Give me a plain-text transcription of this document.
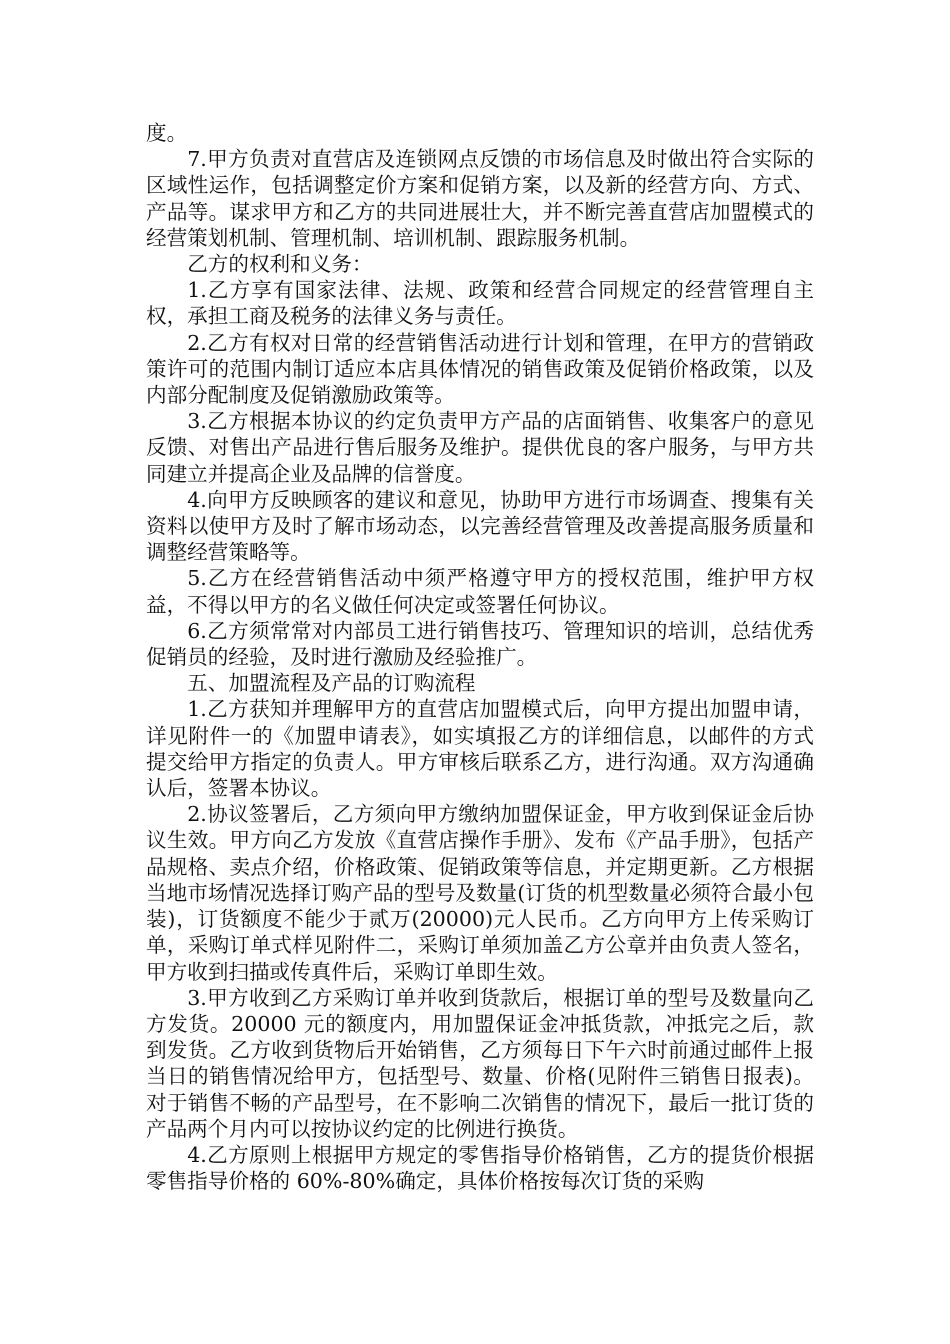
度。

7.甲方负责对直营店及连锁网点反馈的市场信息及时做出符合实际的区域性运作，包括调整定价方案和促销方案，以及新的经营方向、方式、产品等。谋求甲方和乙方的共同进展壮大，并不断完善直营店加盟模式的经营策划机制、管理机制、培训机制、跟踪服务机制。

乙方的权利和义务：

1.乙方享有国家法律、法规、政策和经营合同规定的经营管理自主权，承担工商及税务的法律义务与责任。

2.乙方有权对日常的经营销售活动进行计划和管理，在甲方的营销政策许可的范围内制订适应本店具体情况的销售政策及促销价格政策，以及内部分配制度及促销激励政策等。

3.乙方根据本协议的约定负责甲方产品的店面销售、收集客户的意见反馈、对售出产品进行售后服务及维护。提供优良的客户服务，与甲方共同建立并提高企业及品牌的信誉度。

4.向甲方反映顾客的建议和意见，协助甲方进行市场调查、搜集有关资料以使甲方及时了解市场动态，以完善经营管理及改善提高服务质量和调整经营策略等。

5.乙方在经营销售活动中须严格遵守甲方的授权范围，维护甲方权益，不得以甲方的名义做任何决定或签署任何协议。

6.乙方须常常对内部员工进行销售技巧、管理知识的培训，总结优秀促销员的经验，及时进行激励及经验推广。

五、加盟流程及产品的订购流程

1.乙方获知并理解甲方的直营店加盟模式后，向甲方提出加盟申请，详见附件一的《加盟申请表》，如实填报乙方的详细信息，以邮件的方式提交给甲方指定的负责人。甲方审核后联系乙方，进行沟通。双方沟通确认后，签署本协议。

2.协议签署后，乙方须向甲方缴纳加盟保证金，甲方收到保证金后协议生效。甲方向乙方发放《直营店操作手册》、发布《产品手册》，包括产品规格、卖点介绍，价格政策、促销政策等信息，并定期更新。乙方根据当地市场情况选择订购产品的型号及数量(订货的机型数量必须符合最小包装)，订货额度不能少于贰万(20000)元人民币。乙方向甲方上传采购订单，采购订单式样见附件二，采购订单须加盖乙方公章并由负责人签名，甲方收到扫描或传真件后，采购订单即生效。

3.甲方收到乙方采购订单并收到货款后，根据订单的型号及数量向乙方发货。20000 元的额度内，用加盟保证金冲抵货款，冲抵完之后，款到发货。乙方收到货物后开始销售，乙方须每日下午六时前通过邮件上报当日的销售情况给甲方，包括型号、数量、价格(见附件三销售日报表)。对于销售不畅的产品型号，在不影响二次销售的情况下，最后一批订货的产品两个月内可以按协议约定的比例进行换货。

4.乙方原则上根据甲方规定的零售指导价格销售，乙方的提货价根据零售指导价格的 60%-80%确定，具体价格按每次订货的采购
